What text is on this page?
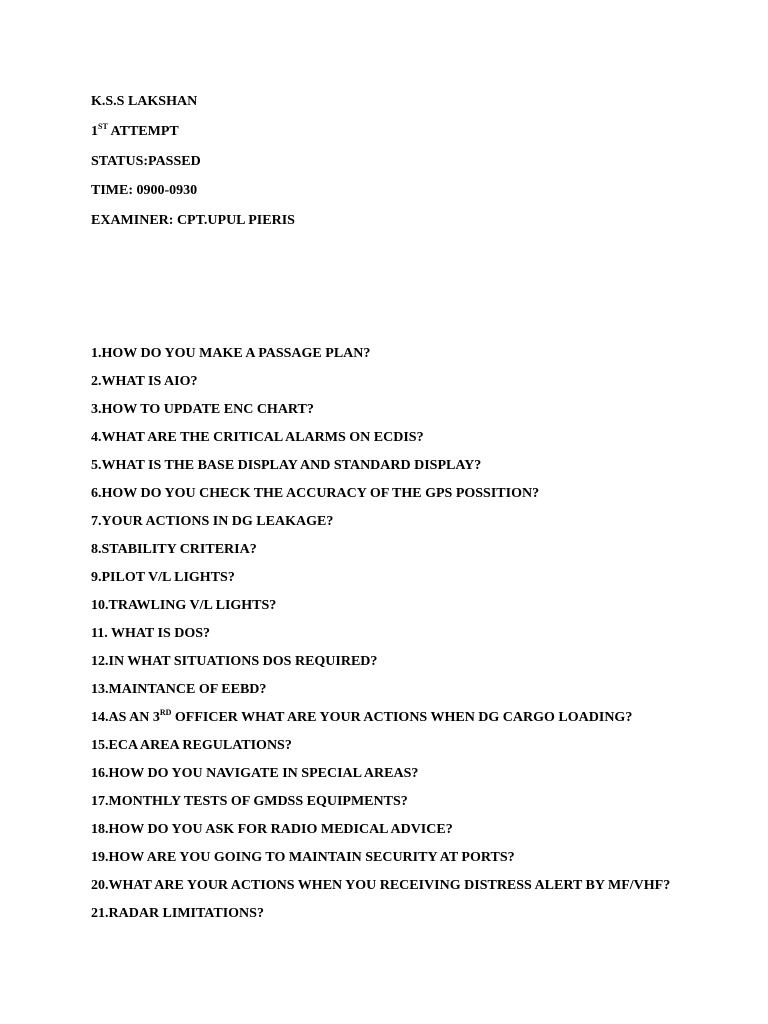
K.S.S LAKSHAN
1ST ATTEMPT
STATUS:PASSED
TIME: 0900-0930
EXAMINER: CPT.UPUL PIERIS
1.HOW DO YOU MAKE A PASSAGE PLAN?
2.WHAT IS AIO?
3.HOW TO UPDATE ENC CHART?
4.WHAT ARE THE CRITICAL ALARMS ON ECDIS?
5.WHAT IS THE BASE DISPLAY AND STANDARD DISPLAY?
6.HOW DO YOU CHECK THE ACCURACY OF THE GPS POSSITION?
7.YOUR ACTIONS IN DG LEAKAGE?
8.STABILITY CRITERIA?
9.PILOT V/L LIGHTS?
10.TRAWLING V/L LIGHTS?
11. WHAT IS DOS?
12.IN WHAT SITUATIONS DOS REQUIRED?
13.MAINTANCE OF EEBD?
14.AS AN 3RD OFFICER WHAT ARE YOUR ACTIONS WHEN DG CARGO LOADING?
15.ECA AREA REGULATIONS?
16.HOW DO YOU NAVIGATE IN SPECIAL AREAS?
17.MONTHLY TESTS OF GMDSS EQUIPMENTS?
18.HOW DO YOU ASK FOR RADIO MEDICAL ADVICE?
19.HOW ARE YOU GOING TO MAINTAIN SECURITY AT PORTS?
20.WHAT ARE YOUR ACTIONS WHEN YOU RECEIVING DISTRESS ALERT BY MF/VHF?
21.RADAR LIMITATIONS?
